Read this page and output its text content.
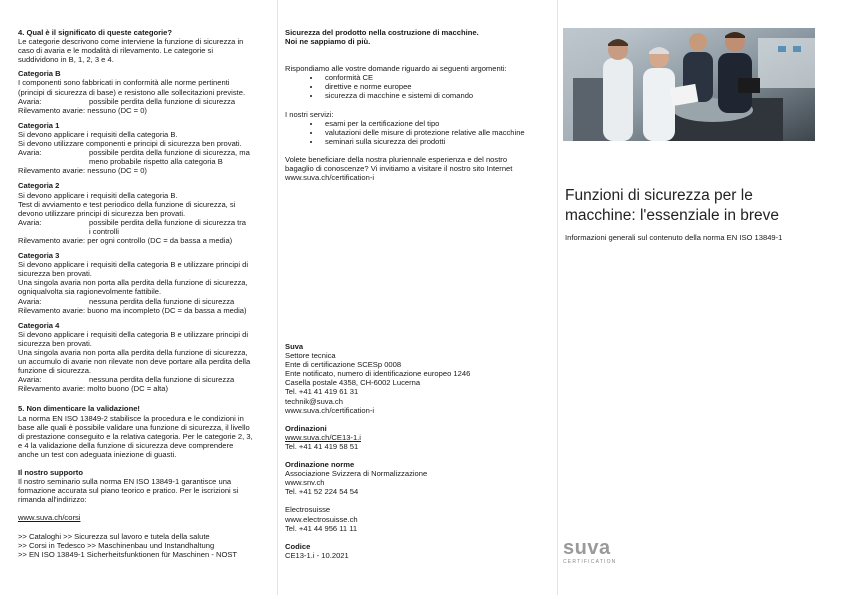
4. Qual è il significato di queste categorie?

Le categorie descrivono come interviene la funzione di sicurezza in

caso di avaria e le modalità di rilevamento. Le categorie si

suddividono in B, 1, 2, 3 e 4.

Categoria B

I componenti sono fabbricati in conformità alle norme pertinenti

(principi di sicurezza di base) e resistono alle sollecitazioni previste.

Avaria:	possibile perdita della funzione di sicurezza

Rilevamento avarie: nessuno (DC = 0)

Categoria 1

Si devono applicare i requisiti della categoria B.

Si devono utilizzare componenti e principi di sicurezza ben provati.

Avaria:	possibile perdita della funzione di sicurezza, ma
meno probabile rispetto alla categoria B

Rilevamento avarie: nessuno (DC = 0)

Categoria 2

Si devono applicare i requisiti della categoria B.

Test di avviamento e test periodico della funzione di sicurezza, si

devono utilizzare principi di sicurezza ben provati.

Avaria:	possibile perdita della funzione di sicurezza tra
i controlli

Rilevamento avarie: per ogni controllo (DC = da bassa a media)

Categoria 3

Si devono applicare i requisiti della categoria B e utilizzare principi di

sicurezza ben provati.

Una singola avaria non porta alla perdita della funzione di sicurezza,

ogniqualvolta sia ragionevolmente fattibile.

Avaria:	nessuna perdita della funzione di sicurezza

Rilevamento avarie: buono ma incompleto (DC = da bassa a media)

Categoria 4

Si devono applicare i requisiti della categoria B e utilizzare principi di

sicurezza ben provati.

Una singola avaria non porta alla perdita della funzione di sicurezza,

un accumulo di avarie non rilevate non deve portare alla perdita della

funzione di sicurezza.

Avaria:	nessuna perdita della funzione di sicurezza

Rilevamento avarie: molto buono (DC = alta)

5. Non dimenticare la validazione!

La norma EN ISO 13849-2 stabilisce la procedura e le condizioni in

base alle quali è possibile validare una funzione di sicurezza, il livello

di prestazione conseguito e la relativa categoria. Per le categorie 2, 3,

e 4 la validazione della funzione di sicurezza deve comprendere

anche un test con adeguata iniezione di guasti.

Il nostro supporto

Il nostro seminario sulla norma EN ISO 13849-1 garantisce una

formazione accurata sul piano teorico e pratico. Per le iscrizioni si

rimanda all'indirizzo:

www.suva.ch/corsi

>> Cataloghi >> Sicurezza sul lavoro e tutela della salute

>> Corsi in Tedesco >> Maschinenbau und Instandhaltung

>> EN ISO 13849-1 Sicherheitsfunktionen für Maschinen - NOST

Sicurezza del prodotto nella costruzione di macchine.

Noi ne sappiamo di più.

Rispondiamo alle vostre domande riguardo ai seguenti argomenti:

• conformità CE
• direttive e norme europee
• sicurezza di macchine e sistemi di comando

I nostri servizi:

• esami per la certificazione del tipo
• valutazioni delle misure di protezione relative alle macchine
• seminari sulla sicurezza dei prodotti

Volete beneficiare della nostra pluriennale esperienza e del nostro

bagaglio di conoscenze? Vi invitiamo a visitare il nostro sito Internet

www.suva.ch/certification-i

Suva

Settore tecnica

Ente di certificazione SCESp 0008

Ente notificato, numero di identificazione europeo 1246

Casella postale 4358, CH-6002 Lucerna

Tel. +41 41 419 61 31

technik@suva.ch

www.suva.ch/certification-i

Ordinazioni

www.suva.ch/CE13-1.i

Tel. +41 41 419 58 51

Ordinazione norme

Associazione Svizzera di Normalizzazione

www.snv.ch

Tel. +41 52 224 54 54

Electrosuisse

www.electrosuisse.ch

Tel. +41 44 956 11 11

Codice

CE13-1.i - 10.2021

Funzioni di sicurezza per le

macchine: l'essenziale in breve

Informazioni generali sul contenuto della norma EN ISO 13849-1

suva
CERTIFICATION
